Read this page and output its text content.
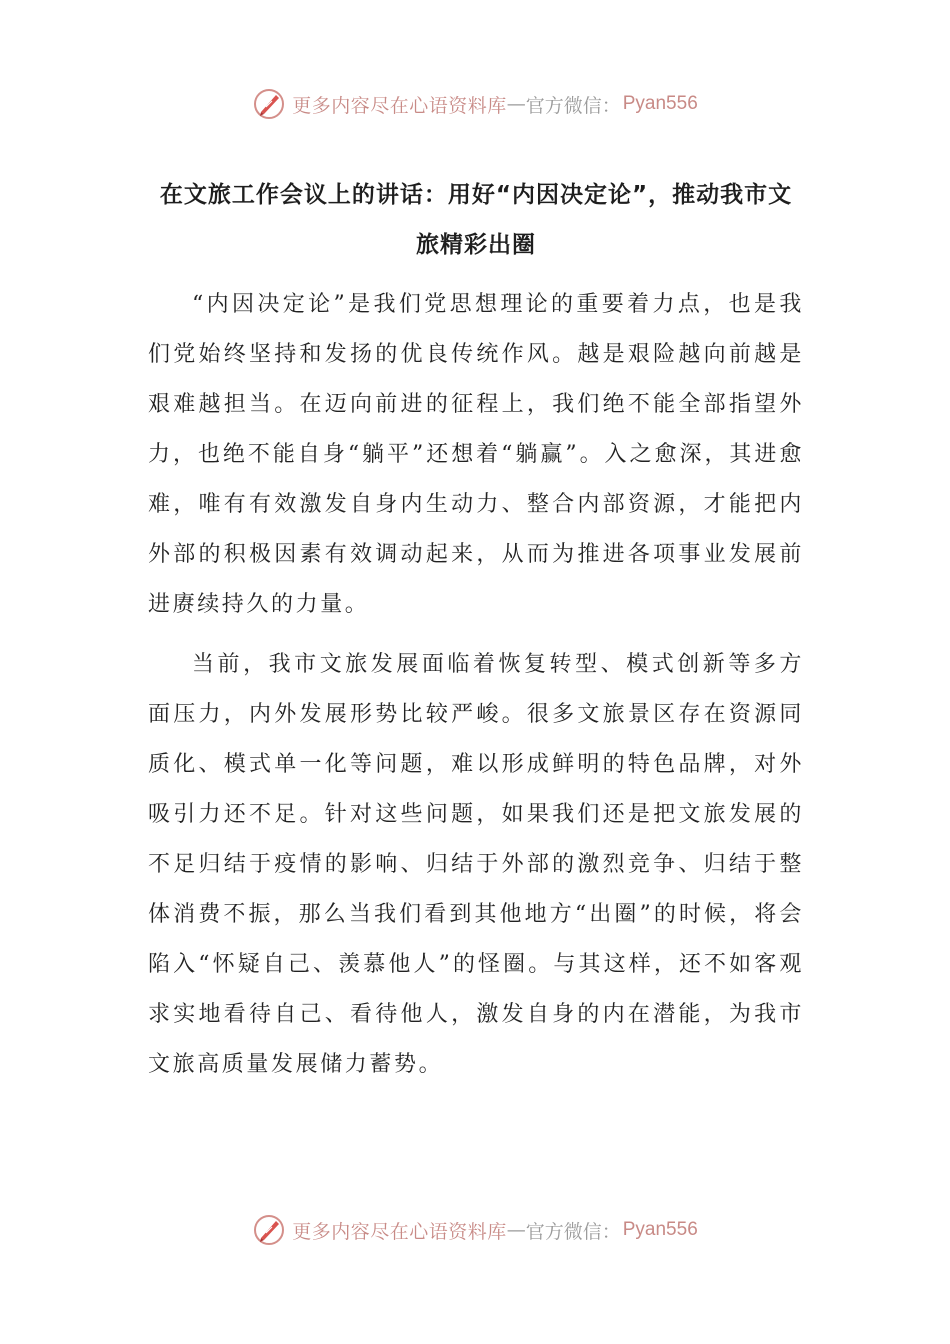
更多内容尽在心语资料库 — 官方微信： Pyan556
在文旅工作会议上的讲话：用好“内因决定论”，推动我市文旅精彩出圈

“内因决定论”是我们党思想理论的重要着力点，也是我们党始终坚持和发扬的优良传统作风。越是艰险越向前越是艰难越担当。在迈向前进的征程上，我们绝不能全部指望外力，也绝不能自身“躺平”还想着“躺赢”。入之愈深，其进愈难，唯有有效激发自身内生动力、整合内部资源，才能把内外部的积极因素有效调动起来，从而为推进各项事业发展前进赓续持久的力量。

当前，我市文旅发展面临着恢复转型、模式创新等多方面压力，内外发展形势比较严峻。很多文旅景区存在资源同质化、模式单一化等问题，难以形成鲜明的特色品牌，对外吸引力还不足。针对这些问题，如果我们还是把文旅发展的不足归结于疫情的影响、归结于外部的激烈竞争、归结于整体消费不振，那么当我们看到其他地方“出圈”的时候，将会陷入“怀疑自己、羡慕他人”的怪圈。与其这样，还不如客观求实地看待自己、看待他人，激发自身的内在潜能，为我市文旅高质量发展储力蓄势。

更多内容尽在心语资料库 — 官方微信： Pyan556
